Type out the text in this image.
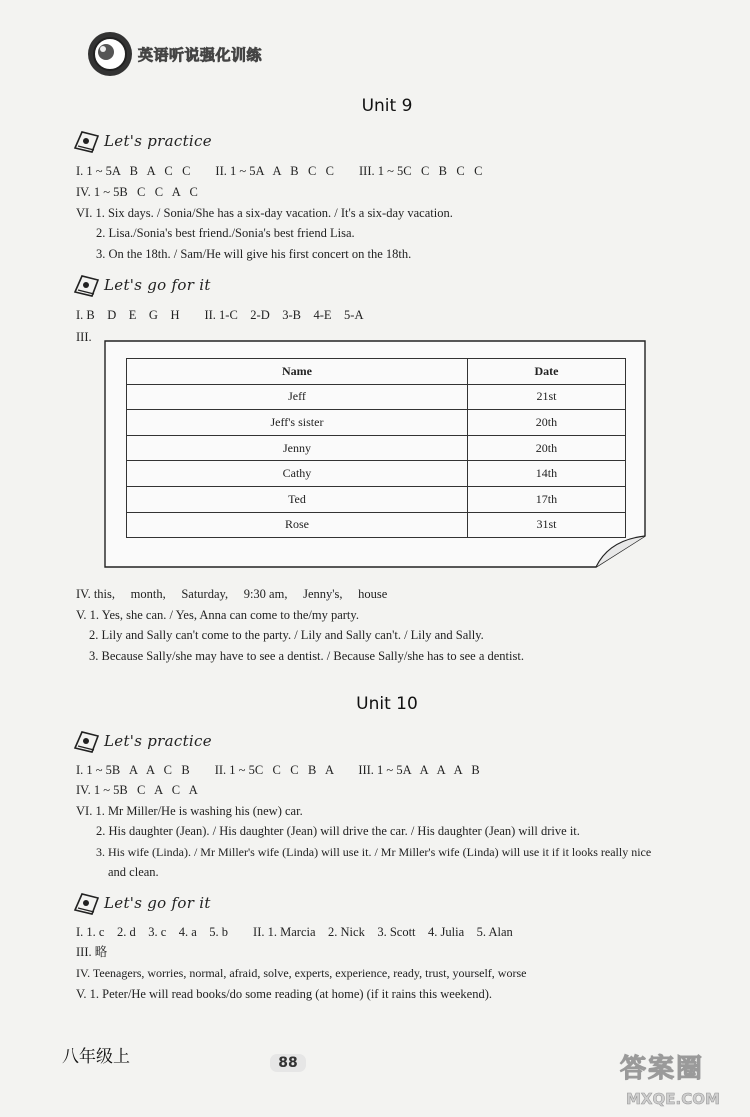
英语听说强化训练
Unit 9
Let's practice
I. 1 ~ 5A   B   A   C   C        II. 1 ~ 5A   A   B   C   C        III. 1 ~ 5C   C   B   C   C
IV. 1 ~ 5B   C   C   A   C
VI. 1. Six days. / Sonia/She has a six-day vacation. / It's a six-day vacation.
2. Lisa./Sonia's best friend./Sonia's best friend Lisa.
3. On the 18th. / Sam/He will give his first concert on the 18th.
Let's go for it
I. B    D    E    G    H        II. 1-C    2-D    3-B    4-E    5-A
III.
Name	Date
Jeff	21st
Jeff's sister	20th
Jenny	20th
Cathy	14th
Ted	17th
Rose	31st
IV. this,     month,     Saturday,     9:30 am,     Jenny's,     house
V. 1. Yes, she can. / Yes, Anna can come to the/my party.
2. Lily and Sally can't come to the party. / Lily and Sally can't. / Lily and Sally.
3. Because Sally/she may have to see a dentist. / Because Sally/she has to see a dentist.
Unit 10
Let's practice
I. 1 ~ 5B   A   A   C   B        II. 1 ~ 5C   C   C   B   A        III. 1 ~ 5A   A   A   A   B
IV. 1 ~ 5B   C   A   C   A
VI. 1. Mr Miller/He is washing his (new) car.
2. His daughter (Jean). / His daughter (Jean) will drive the car. / His daughter (Jean) will drive it.
3. His wife (Linda). / Mr Miller's wife (Linda) will use it. / Mr Miller's wife (Linda) will use it if it looks really nice
and clean.
Let's go for it
I. 1. c    2. d    3. c    4. a    5. b        II. 1. Marcia    2. Nick    3. Scott    4. Julia    5. Alan
III. 略
IV. Teenagers, worries, normal, afraid, solve, experts, experience, ready, trust, yourself, worse
V. 1. Peter/He will read books/do some reading (at home) (if it rains this weekend).
八年级上	88	答案圈
MXQE.COM
